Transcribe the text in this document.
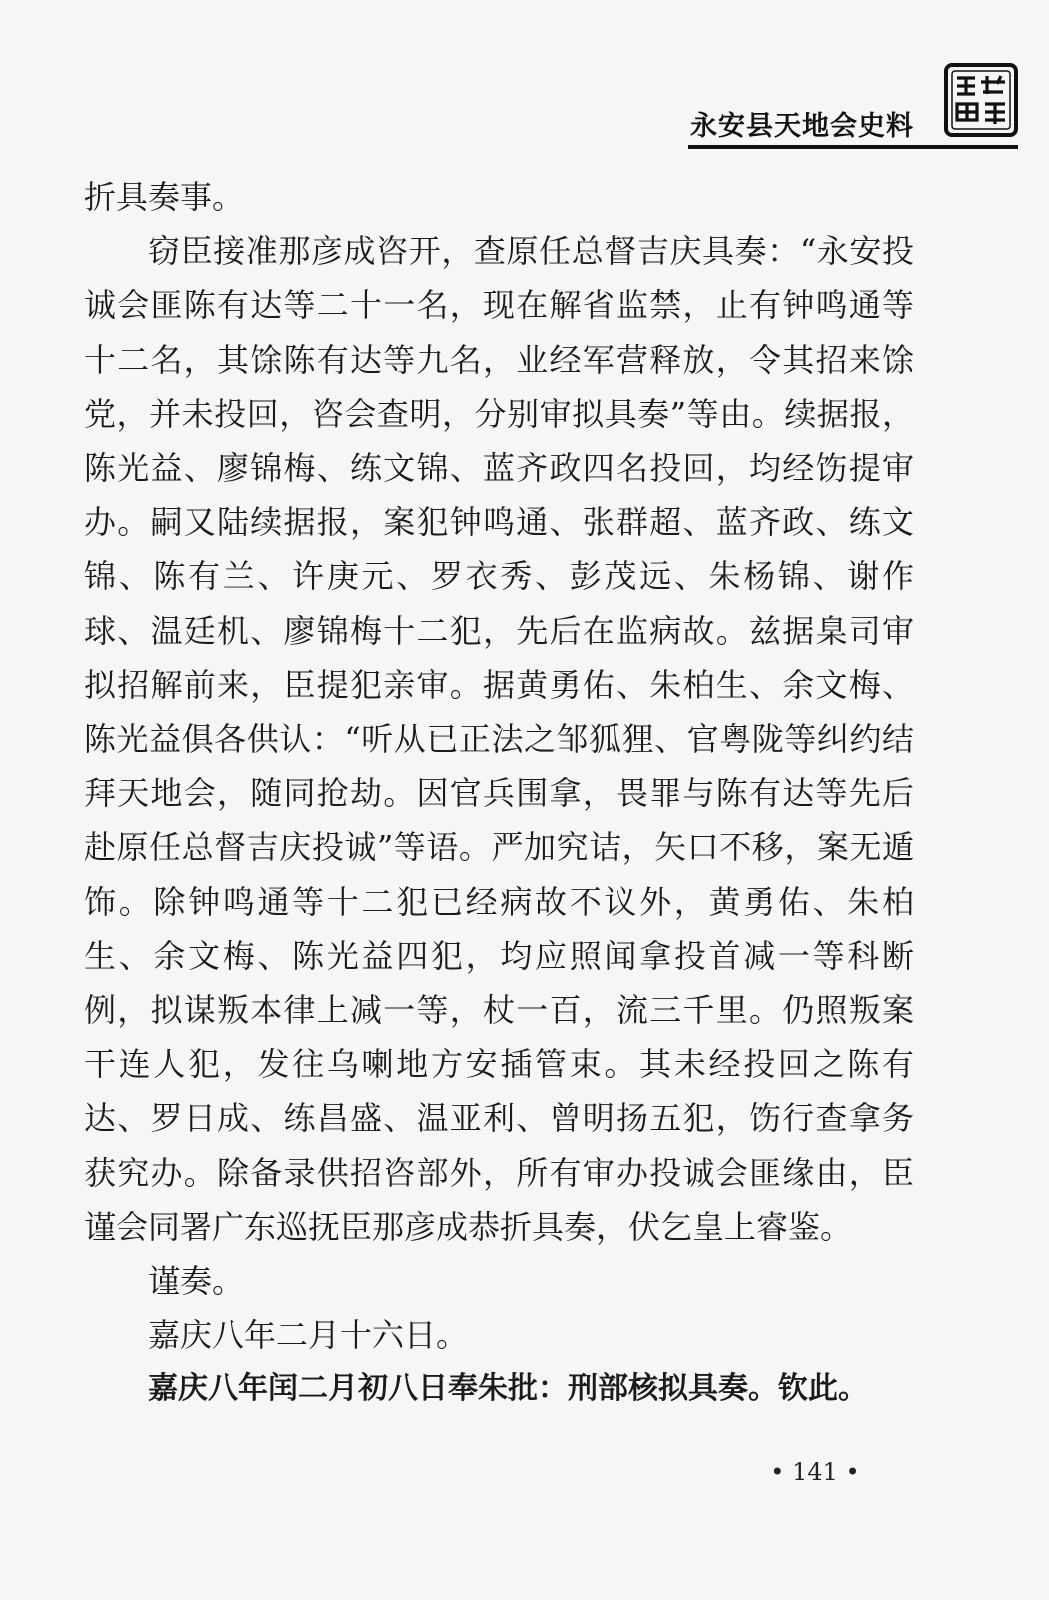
永安县天地会史料

折具奏事。

窃臣接准那彦成咨开，查原任总督吉庆具奏：“永安投诚会匪陈有达等二十一名，现在解省监禁，止有钟鸣通等十二名，其馀陈有达等九名，业经军营释放，令其招来馀党，并未投回，咨会查明，分别审拟具奏”等由。续据报，陈光益、廖锦梅、练文锦、蓝齐政四名投回，均经饬提审办。嗣又陆续据报，案犯钟鸣通、张群超、蓝齐政、练文锦、陈有兰、许庚元、罗衣秀、彭茂远、朱杨锦、谢作球、温廷机、廖锦梅十二犯，先后在监病故。兹据臬司审拟招解前来，臣提犯亲审。据黄勇佑、朱柏生、余文梅、陈光益俱各供认：“听从已正法之邹狐狸、官粤陇等纠约结拜天地会，随同抢劫。因官兵围拿，畏罪与陈有达等先后赴原任总督吉庆投诚”等语。严加究诘，矢口不移，案无遁饰。除钟鸣通等十二犯已经病故不议外，黄勇佑、朱柏生、余文梅、陈光益四犯，均应照闻拿投首减一等科断例，拟谋叛本律上减一等，杖一百，流三千里。仍照叛案干连人犯，发往乌喇地方安插管束。其未经投回之陈有达、罗日成、练昌盛、温亚利、曾明扬五犯，饬行查拿务获究办。除备录供招咨部外，所有审办投诚会匪缘由，臣谨会同署广东巡抚臣那彦成恭折具奏，伏乞皇上睿鉴。

谨奏。

嘉庆八年二月十六日。

嘉庆八年闰二月初八日奉朱批：刑部核拟具奏。钦此。

• 141 •
